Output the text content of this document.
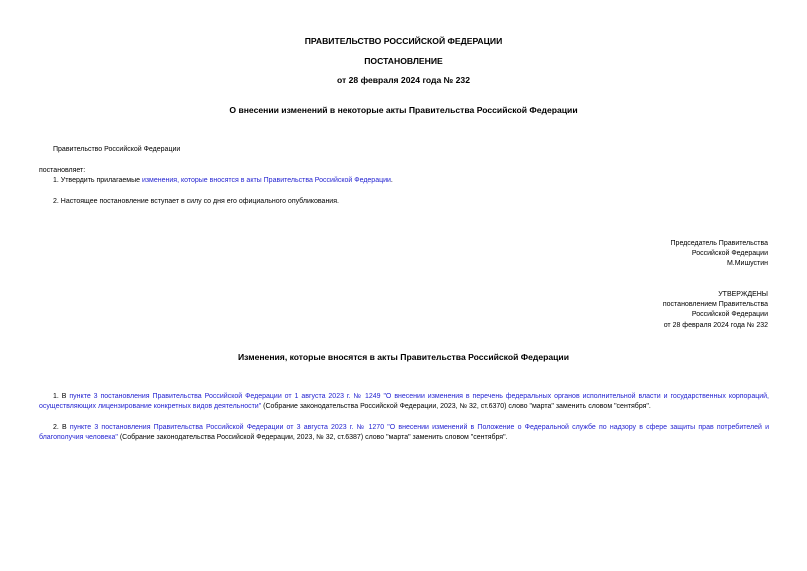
ПРАВИТЕЛЬСТВО РОССИЙСКОЙ ФЕДЕРАЦИИ
ПОСТАНОВЛЕНИЕ
от 28 февраля 2024 года № 232
О внесении изменений в некоторые акты Правительства Российской Федерации
Правительство Российской Федерации
постановляет:
1. Утвердить прилагаемые изменения, которые вносятся в акты Правительства Российской Федерации.
2. Настоящее постановление вступает в силу со дня его официального опубликования.
Председатель Правительства
Российской Федерации
М.Мишустин
УТВЕРЖДЕНЫ
постановлением Правительства
Российской Федерации
от 28 февраля 2024 года № 232
Изменения, которые вносятся в акты Правительства Российской Федерации
1. В пункте 3 постановления Правительства Российской Федерации от 1 августа 2023 г. № 1249 "О внесении изменения в перечень федеральных органов исполнительной власти и государственных корпораций, осуществляющих лицензирование конкретных видов деятельности" (Собрание законодательства Российской Федерации, 2023, № 32, ст.6370) слово "марта" заменить словом "сентября".
2. В пункте 3 постановления Правительства Российской Федерации от 3 августа 2023 г. № 1270 "О внесении изменений в Положение о Федеральной службе по надзору в сфере защиты прав потребителей и благополучия человека" (Собрание законодательства Российской Федерации, 2023, № 32, ст.6387) слово "марта" заменить словом "сентября".
